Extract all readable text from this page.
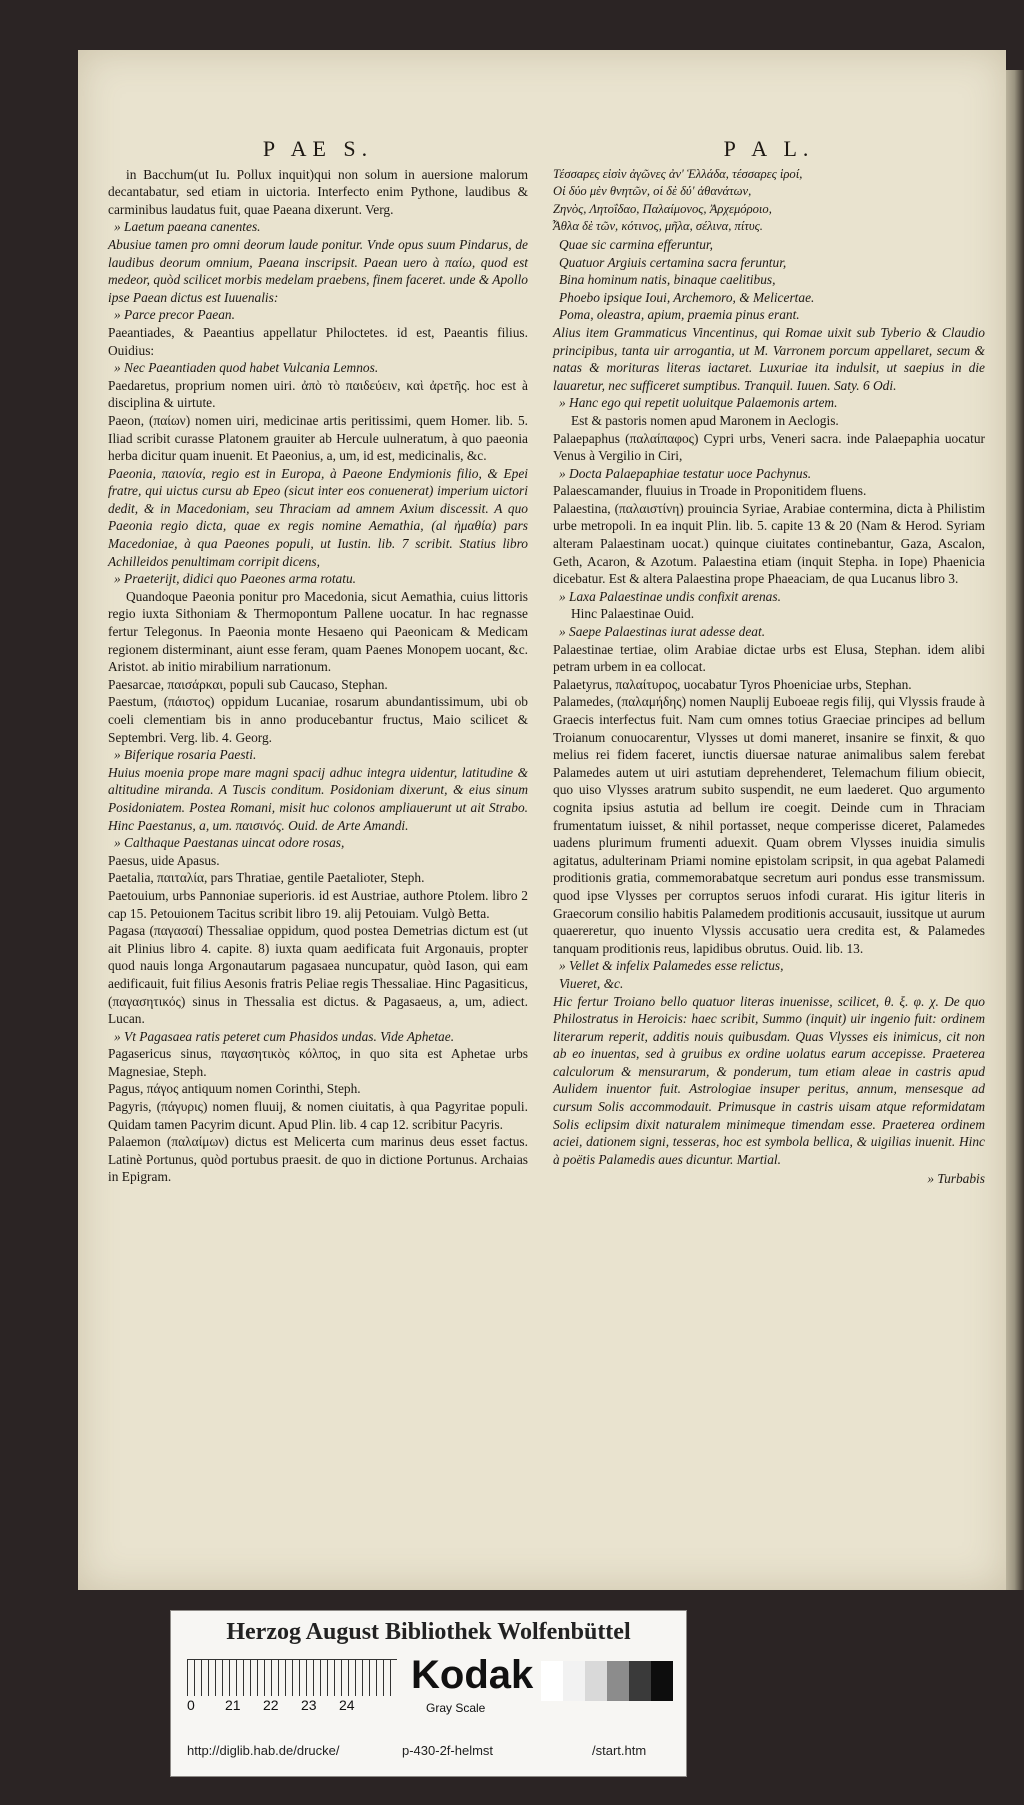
P AE S.

in Bacchum(ut Iu. Pollux inquit)qui non solum in auersione malorum decantabatur, sed etiam in uictoria. Interfecto enim Pythone, laudibus & carminibus laudatus fuit, quae Paeana dixerunt. Verg.

» Laetum paeana canentes.

Abusiue tamen pro omni deorum laude ponitur. Vnde opus suum Pindarus, de laudibus deorum omnium, Paeana inscripsit. Paean uero à παίω, quod est medeor, quòd scilicet morbis medelam praebens, finem faceret. unde & Apollo ipse Paean dictus est Iuuenalis:

» Parce precor Paean.

Paeantiades, & Paeantius appellatur Philoctetes. id est, Paeantis filius. Ouidius:

» Nec Paeantiaden quod habet Vulcania Lemnos.

Paedaretus, proprium nomen uiri. ἀπὸ τὸ παιδεύειν, καὶ ἀρετῆς. hoc est à disciplina & uirtute.

Paeon, (παίων) nomen uiri, medicinae artis peritissimi, quem Homer. lib. 5. Iliad scribit curasse Platonem grauiter ab Hercule uulneratum, à quo paeonia herba dicitur quam inuenit. Et Paeonius, a, um, id est, medicinalis, &c.

Paeonia, παιονία, regio est in Europa, à Paeone Endymionis filio, & Epei fratre, qui uictus cursu ab Epeo (sicut inter eos conuenerat) imperium uictori dedit, & in Macedoniam, seu Thraciam ad amnem Axium discessit. A quo Paeonia regio dicta, quae ex regis nomine Aemathia, (al ἠμαθία) pars Macedoniae, à qua Paeones populi, ut Iustin. lib. 7 scribit. Statius libro Achilleidos penultimam corripit dicens,

» Praeterijt, didici quo Paeones arma rotatu.

Quandoque Paeonia ponitur pro Macedonia, sicut Aemathia, cuius littoris regio iuxta Sithoniam & Thermopontum Pallene uocatur. In hac regnasse fertur Telegonus. In Paeonia monte Hesaeno qui Paeonicam & Medicam regionem disterminant, aiunt esse feram, quam Paenes Monopem uocant, &c. Aristot. ab initio mirabilium narrationum.

Paesarcae, παισάρκαι, populi sub Caucaso, Stephan.

Paestum, (πάιστος) oppidum Lucaniae, rosarum abundantissimum, ubi ob coeli clementiam bis in anno producebantur fructus, Maio scilicet & Septembri. Verg. lib. 4. Georg.

» Biferique rosaria Paesti.

Huius moenia prope mare magni spacij adhuc integra uidentur, latitudine & altitudine miranda. A Tuscis conditum. Posidoniam dixerunt, & eius sinum Posidoniatem. Postea Romani, misit huc colonos ampliauerunt ut ait Strabo. Hinc Paestanus, a, um. παισινός. Ouid. de Arte Amandi.

» Calthaque Paestanas uincat odore rosas,

Paesus, uide Apasus.

Paetalia, παιταλία, pars Thratiae, gentile Paetalioter, Steph.

Paetouium, urbs Pannoniae superioris. id est Austriae, authore Ptolem. libro 2 cap 15. Petouionem Tacitus scribit libro 19. alij Petouiam. Vulgò Betta.

Pagasa (παγασαί) Thessaliae oppidum, quod postea Demetrias dictum est (ut ait Plinius libro 4. capite. 8) iuxta quam aedificata fuit Argonauis, propter quod nauis longa Argonautarum pagasaea nuncupatur, quòd Iason, qui eam aedificauit, fuit filius Aesonis fratris Peliae regis Thessaliae. Hinc Pagasiticus, (παγασητικός) sinus in Thessalia est dictus. & Pagasaeus, a, um, adiect. Lucan.

» Vt Pagasaea ratis peteret cum Phasidos undas. Vide Aphetae.

Pagasericus sinus, παγασητικὸς κόλπος, in quo sita est Aphetae urbs Magnesiae, Steph.

Pagus, πάγος antiquum nomen Corinthi, Steph.

Pagyris, (πάγυρις) nomen fluuij, & nomen ciuitatis, à qua Pagyritae populi. Quidam tamen Pacyrim dicunt. Apud Plin. lib. 4 cap 12. scribitur Pacyris.

Palaemon (παλαίμων) dictus est Melicerta cum marinus deus esset factus. Latinè Portunus, quòd portubus praesit. de quo in dictione Portunus. Archaias in Epigram.

P A L.

Τέσσαρες εἰσὶν ἀγῶνες ἀν' Ἑλλάδα, τέσσαρες ἱροί,

Οἱ δύο μὲν θνητῶν, οἱ δὲ δύ' ἀθανάτων,

Ζηνὸς, Λητοΐδαο, Παλαίμονος, Ἀρχεμόροιο,

Ἆθλα δὲ τῶν, κότινος, μῆλα, σέλινα, πίτυς.

Quae sic carmina efferuntur,

Quatuor Argiuis certamina sacra feruntur,

Bina hominum natis, binaque caelitibus,

Phoebo ipsique Ioui, Archemoro, & Melicertae.

Poma, oleastra, apium, praemia pinus erant.

Alius item Grammaticus Vincentinus, qui Romae uixit sub Tyberio & Claudio principibus, tanta uir arrogantia, ut M. Varronem porcum appellaret, secum & natas & morituras literas iactaret. Luxuriae ita indulsit, ut saepius in die lauaretur, nec sufficeret sumptibus. Tranquil. Iuuen. Saty. 6 Odi.

» Hanc ego qui repetit uoluitque Palaemonis artem.

Est & pastoris nomen apud Maronem in Aeclogis.

Palaepaphus (παλαίπαφος) Cypri urbs, Veneri sacra. inde Palaepaphia uocatur Venus à Vergilio in Ciri,

» Docta Palaepaphiae testatur uoce Pachynus.

Palaescamander, fluuius in Troade in Proponitidem fluens.

Palaestina, (παλαιστίνη) prouincia Syriae, Arabiae contermina, dicta à Philistim urbe metropoli. In ea inquit Plin. lib. 5. capite 13 & 20 (Nam & Herod. Syriam alteram Palaestinam uocat.) quinque ciuitates continebantur, Gaza, Ascalon, Geth, Acaron, & Azotum. Palaestina etiam (inquit Stepha. in Iope) Phaenicia dicebatur. Est & altera Palaestina prope Phaeaciam, de qua Lucanus libro 3.

» Laxa Palaestinae undis confixit arenas.

Hinc Palaestinae Ouid.

» Saepe Palaestinas iurat adesse deat.

Palaestinae tertiae, olim Arabiae dictae urbs est Elusa, Stephan. idem alibi petram urbem in ea collocat.

Palaetyrus, παλαίτυρος, uocabatur Tyros Phoeniciae urbs, Stephan.

Palamedes, (παλαμήδης) nomen Nauplij Euboeae regis filij, qui Vlyssis fraude à Graecis interfectus fuit. Nam cum omnes totius Graeciae principes ad bellum Troianum conuocarentur, Vlysses ut domi maneret, insanire se finxit, & quo melius rei fidem faceret, iunctis diuersae naturae animalibus salem ferebat Palamedes autem ut uiri astutiam deprehenderet, Telemachum filium obiecit, quo uiso Vlysses aratrum subito suspendit, ne eum laederet. Quo argumento cognita ipsius astutia ad bellum ire coegit. Deinde cum in Thraciam frumentatum iuisset, & nihil portasset, neque comperisse diceret, Palamedes uadens plurimum frumenti aduexit. Quam obrem Vlysses inuidia simulis agitatus, adulterinam Priami nomine epistolam scripsit, in qua agebat Palamedi proditionis gratia, commemorabatque secretum auri pondus esse transmissum. quod ipse Vlysses per corruptos seruos infodi curarat. His igitur literis in Graecorum consilio habitis Palamedem proditionis accusauit, iussitque ut aurum quaereretur, quo inuento Vlyssis accusatio uera credita est, & Palamedes tanquam proditionis reus, lapidibus obrutus. Ouid. lib. 13.

» Vellet & infelix Palamedes esse relictus,

Viueret, &c.

Hic fertur Troiano bello quatuor literas inuenisse, scilicet, θ. ξ. φ. χ. De quo Philostratus in Heroicis: haec scribit, Summo (inquit) uir ingenio fuit: ordinem literarum reperit, additis nouis quibusdam. Quas Vlysses eis inimicus, cit non ab eo inuentas, sed à gruibus ex ordine uolatus earum accepisse. Praeterea calculorum & mensurarum, & ponderum, tum etiam aleae in castris apud Aulidem inuentor fuit. Astrologiae insuper peritus, annum, mensesque ad cursum Solis accommodauit. Primusque in castris uisam atque reformidatam Solis eclipsim dixit naturalem minimeque timendam esse. Praeterea ordinem aciei, dationem signi, tesseras, hoc est symbola bellica, & uigilias inuenit. Hinc à poëtis Palamedis aues dicuntur. Martial.

» Turbabis
Herzog August Bibliothek Wolfenbüttel
0 21 22 23 24
Kodak
Gray Scale
http://diglib.hab.de/drucke/	p-430-2f-helmst	/start.htm
